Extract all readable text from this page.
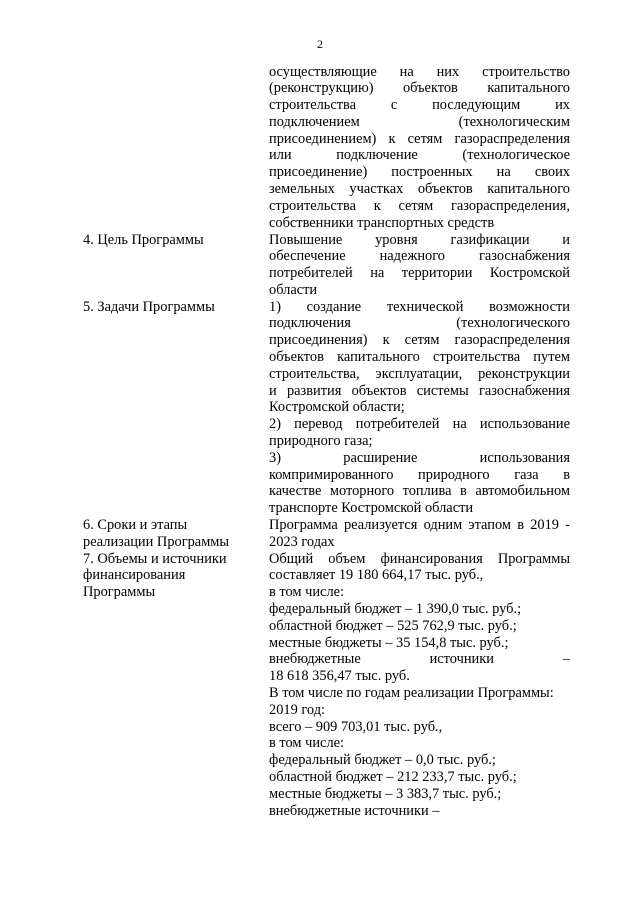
2
осуществляющие на них строительство
(реконструкцию) объектов капитального
строительства с последующим их
подключением (технологическим
присоединением) к сетям газораспределения
или подключение (технологическое
присоединение) построенных на своих
земельных участках объектов капитального
строительства к сетям газораспределения,
собственники транспортных средств
4. Цель Программы	Повышение уровня газификации и
обеспечение надежного газоснабжения
потребителей на территории Костромской
области
5. Задачи Программы	1) создание технической возможности
подключения (технологического
присоединения) к сетям газораспределения
объектов капитального строительства путем
строительства, эксплуатации, реконструкции
и развития объектов системы газоснабжения
Костромской области;
2) перевод потребителей на использование
природного газа;
3) расширение использования
компримированного природного газа в
качестве моторного топлива в автомобильном
транспорте Костромской области
6. Сроки и этапы
реализации Программы
Программа реализуется одним этапом в 2019 -
2023 годах
7. Объемы и источники
финансирования
Программы
Общий объем финансирования Программы
составляет 19 180 664,17 тыс. руб.,
в том числе:
федеральный бюджет – 1 390,0 тыс. руб.;
областной бюджет – 525 762,9 тыс. руб.;
местные бюджеты – 35 154,8 тыс. руб.;
внебюджетные источники –
18 618 356,47 тыс. руб.
В том числе по годам реализации Программы:
2019 год:
всего – 909 703,01 тыс. руб.,
в том числе:
федеральный бюджет – 0,0 тыс. руб.;
областной бюджет – 212 233,7 тыс. руб.;
местные бюджеты – 3 383,7 тыс. руб.;
внебюджетные источники –
